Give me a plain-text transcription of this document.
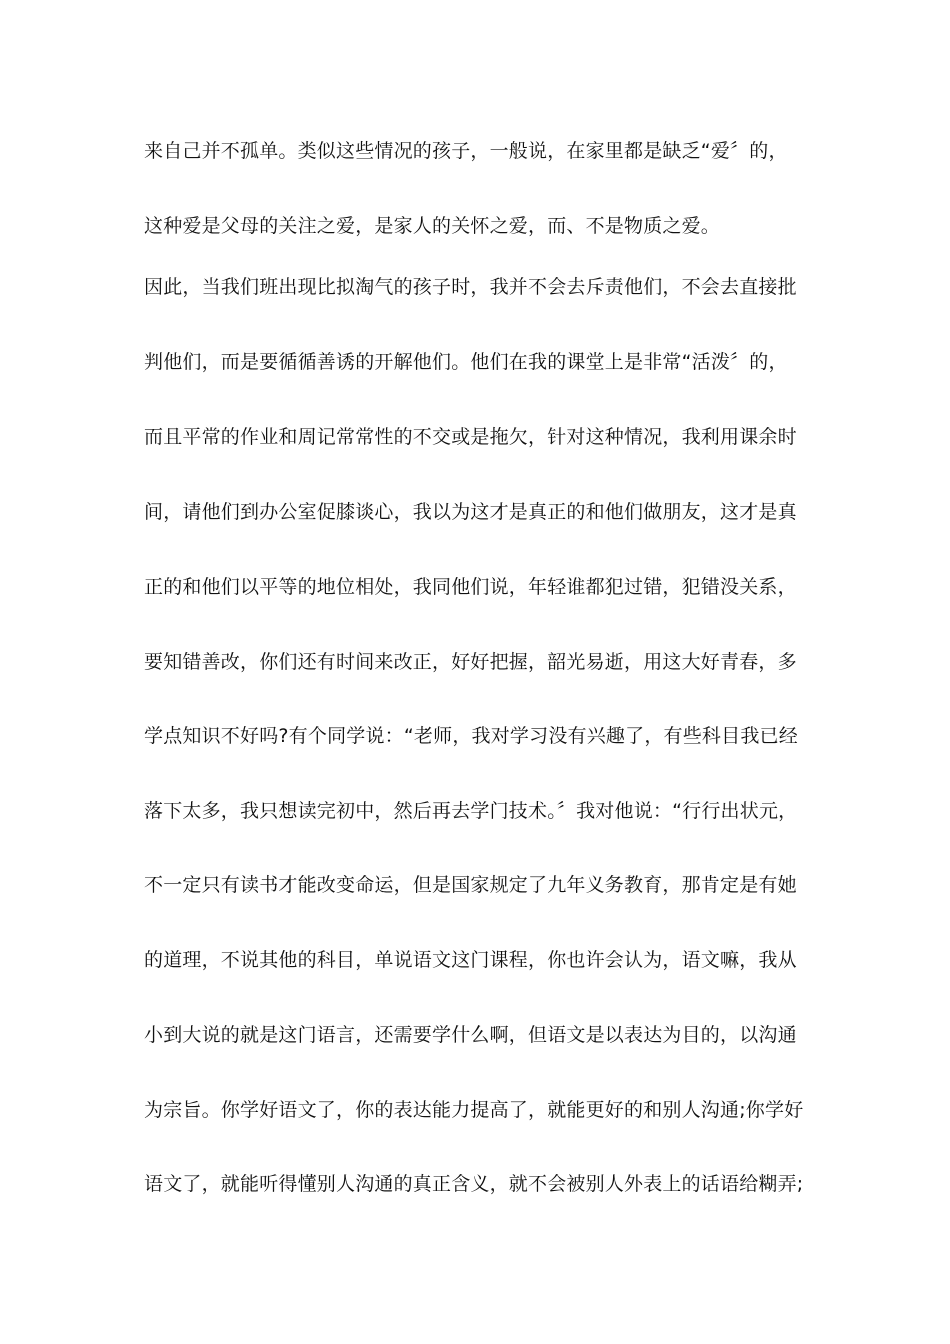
来自己并不孤单。类似这些情况的孩子，一般说，在家里都是缺乏“爱〞的，
这种爱是父母的关注之爱，是家人的关怀之爱，而、不是物质之爱。
因此，当我们班出现比拟淘气的孩子时，我并不会去斥责他们，不会去直接批
判他们，而是要循循善诱的开解他们。他们在我的课堂上是非常“活泼〞的，
而且平常的作业和周记常常性的不交或是拖欠，针对这种情况，我利用课余时
间，请他们到办公室促膝谈心，我以为这才是真正的和他们做朋友，这才是真
正的和他们以平等的地位相处，我同他们说，年轻谁都犯过错，犯错没关系，
要知错善改，你们还有时间来改正，好好把握，韶光易逝，用这大好青春，多
学点知识不好吗?有个同学说：“老师，我对学习没有兴趣了，有些科目我已经
落下太多，我只想读完初中，然后再去学门技术。〞我对他说：“行行出状元，
不一定只有读书才能改变命运，但是国家规定了九年义务教育，那肯定是有她
的道理，不说其他的科目，单说语文这门课程，你也许会认为，语文嘛，我从
小到大说的就是这门语言，还需要学什么啊，但语文是以表达为目的，以沟通
为宗旨。你学好语文了，你的表达能力提高了，就能更好的和别人沟通;你学好
语文了，就能听得懂别人沟通的真正含义，就不会被别人外表上的话语给糊弄;
